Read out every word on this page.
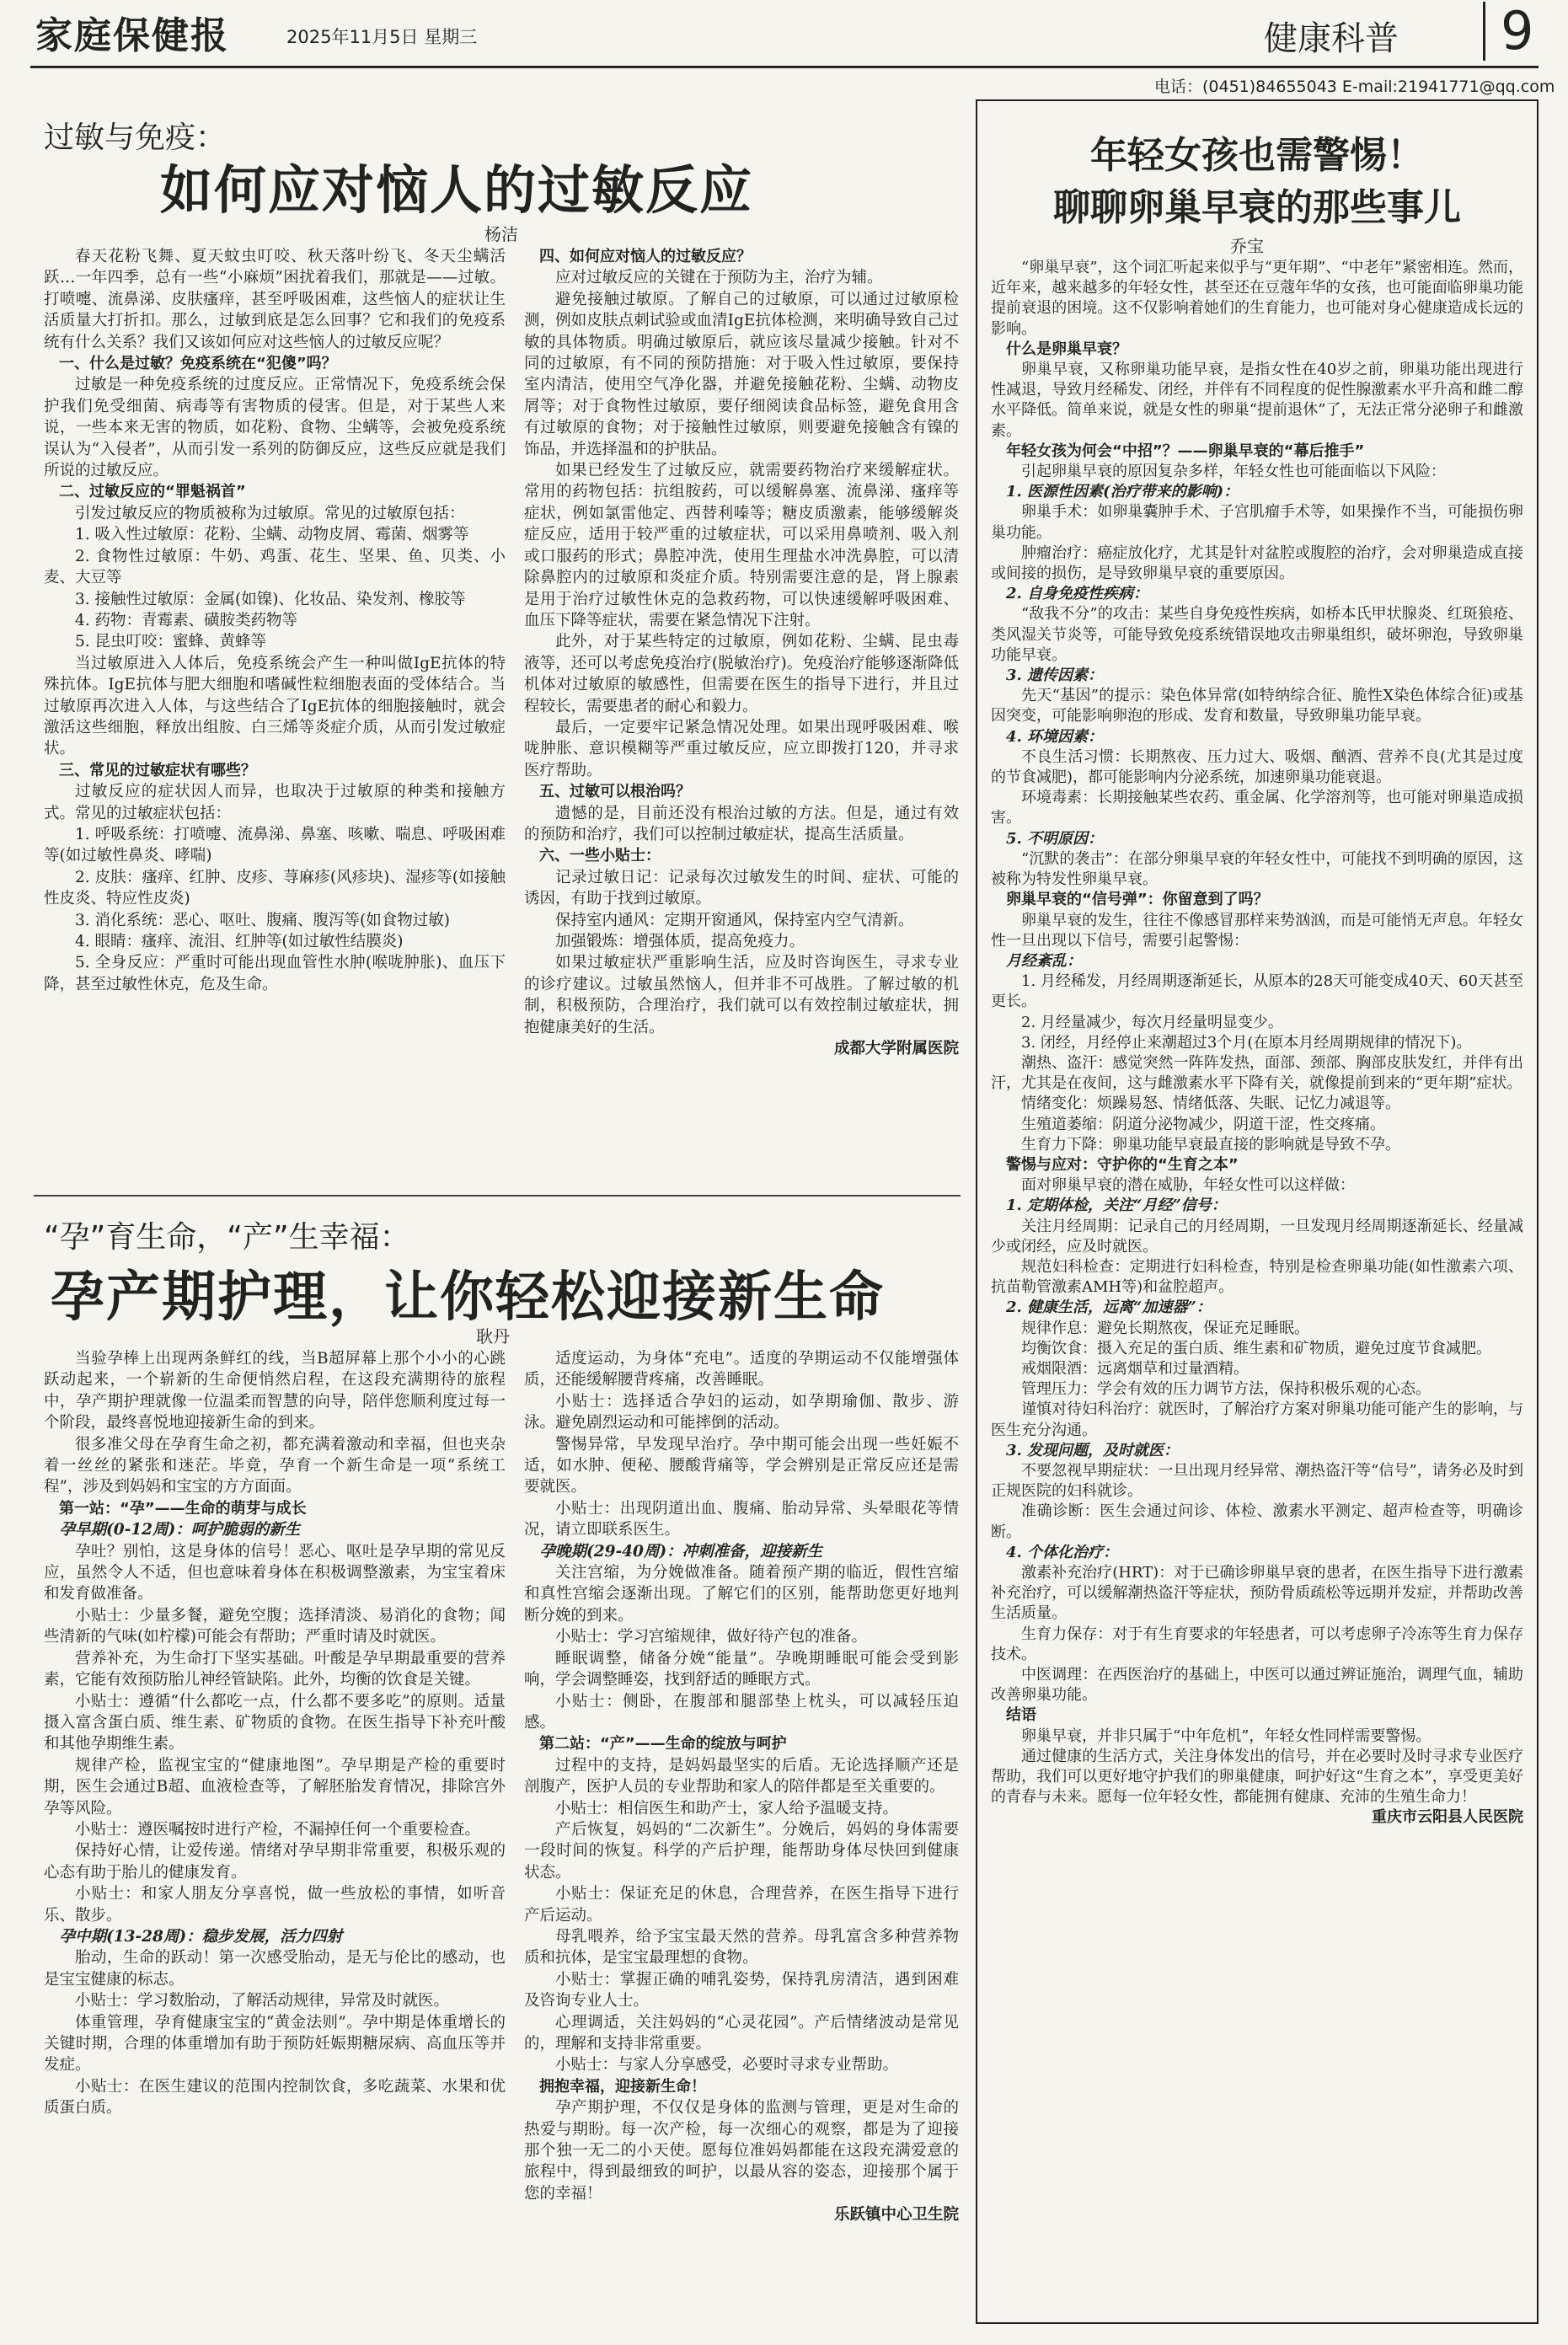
家庭保健报	2025年11月5日 星期三	健康科普	9
电话：(0451)84655043 E-mail:21941771@qq.com
过敏与免疫：
如何应对恼人的过敏反应
杨洁

春天花粉飞舞、夏天蚊虫叮咬、秋天落叶纷飞、冬天尘螨活跃…一年四季，总有一些“小麻烦”困扰着我们，那就是——过敏。打喷嚏、流鼻涕、皮肤瘙痒，甚至呼吸困难，这些恼人的症状让生活质量大打折扣。那么，过敏到底是怎么回事？它和我们的免疫系统有什么关系？我们又该如何应对这些恼人的过敏反应呢？

一、什么是过敏？免疫系统在“犯傻”吗？

过敏是一种免疫系统的过度反应。正常情况下，免疫系统会保护我们免受细菌、病毒等有害物质的侵害。但是，对于某些人来说，一些本来无害的物质，如花粉、食物、尘螨等，会被免疫系统误认为“入侵者”，从而引发一系列的防御反应，这些反应就是我们所说的过敏反应。

二、过敏反应的“罪魁祸首”

引发过敏反应的物质被称为过敏原。常见的过敏原包括：

1. 吸入性过敏原：花粉、尘螨、动物皮屑、霉菌、烟雾等

2. 食物性过敏原：牛奶、鸡蛋、花生、坚果、鱼、贝类、小麦、大豆等

3. 接触性过敏原：金属(如镍)、化妆品、染发剂、橡胶等

4. 药物：青霉素、磺胺类药物等

5. 昆虫叮咬：蜜蜂、黄蜂等

当过敏原进入人体后，免疫系统会产生一种叫做IgE抗体的特殊抗体。IgE抗体与肥大细胞和嗜碱性粒细胞表面的受体结合。当过敏原再次进入人体，与这些结合了IgE抗体的细胞接触时，就会激活这些细胞，释放出组胺、白三烯等炎症介质，从而引发过敏症状。

三、常见的过敏症状有哪些？

过敏反应的症状因人而异，也取决于过敏原的种类和接触方式。常见的过敏症状包括：

1. 呼吸系统：打喷嚏、流鼻涕、鼻塞、咳嗽、喘息、呼吸困难等(如过敏性鼻炎、哮喘)

2. 皮肤：瘙痒、红肿、皮疹、荨麻疹(风疹块)、湿疹等(如接触性皮炎、特应性皮炎)

3. 消化系统：恶心、呕吐、腹痛、腹泻等(如食物过敏)

4. 眼睛：瘙痒、流泪、红肿等(如过敏性结膜炎)

5. 全身反应：严重时可能出现血管性水肿(喉咙肿胀)、血压下降，甚至过敏性休克，危及生命。

四、如何应对恼人的过敏反应？

应对过敏反应的关键在于预防为主，治疗为辅。

避免接触过敏原。了解自己的过敏原，可以通过过敏原检测，例如皮肤点刺试验或血清IgE抗体检测，来明确导致自己过敏的具体物质。明确过敏原后，就应该尽量减少接触。针对不同的过敏原，有不同的预防措施：对于吸入性过敏原，要保持室内清洁，使用空气净化器，并避免接触花粉、尘螨、动物皮屑等；对于食物性过敏原，要仔细阅读食品标签，避免食用含有过敏原的食物；对于接触性过敏原，则要避免接触含有镍的饰品，并选择温和的护肤品。

如果已经发生了过敏反应，就需要药物治疗来缓解症状。常用的药物包括：抗组胺药，可以缓解鼻塞、流鼻涕、瘙痒等症状，例如氯雷他定、西替利嗪等；糖皮质激素，能够缓解炎症反应，适用于较严重的过敏症状，可以采用鼻喷剂、吸入剂或口服药的形式；鼻腔冲洗，使用生理盐水冲洗鼻腔，可以清除鼻腔内的过敏原和炎症介质。特别需要注意的是，肾上腺素是用于治疗过敏性休克的急救药物，可以快速缓解呼吸困难、血压下降等症状，需要在紧急情况下注射。

此外，对于某些特定的过敏原，例如花粉、尘螨、昆虫毒液等，还可以考虑免疫治疗(脱敏治疗)。免疫治疗能够逐渐降低机体对过敏原的敏感性，但需要在医生的指导下进行，并且过程较长，需要患者的耐心和毅力。

最后，一定要牢记紧急情况处理。如果出现呼吸困难、喉咙肿胀、意识模糊等严重过敏反应，应立即拨打120，并寻求医疗帮助。

五、过敏可以根治吗？

遗憾的是，目前还没有根治过敏的方法。但是，通过有效的预防和治疗，我们可以控制过敏症状，提高生活质量。

六、一些小贴士：

记录过敏日记：记录每次过敏发生的时间、症状、可能的诱因，有助于找到过敏原。

保持室内通风：定期开窗通风，保持室内空气清新。

加强锻炼：增强体质，提高免疫力。

如果过敏症状严重影响生活，应及时咨询医生，寻求专业的诊疗建议。过敏虽然恼人，但并非不可战胜。了解过敏的机制，积极预防，合理治疗，我们就可以有效控制过敏症状，拥抱健康美好的生活。

成都大学附属医院

“孕”育生命，“产”生幸福：
孕产期护理，让你轻松迎接新生命
耿丹

当验孕棒上出现两条鲜红的线，当B超屏幕上那个小小的心跳跃动起来，一个崭新的生命便悄然启程，在这段充满期待的旅程中，孕产期护理就像一位温柔而智慧的向导，陪伴您顺利度过每一个阶段，最终喜悦地迎接新生命的到来。

很多准父母在孕育生命之初，都充满着激动和幸福，但也夹杂着一丝丝的紧张和迷茫。毕竟，孕育一个新生命是一项“系统工程”，涉及到妈妈和宝宝的方方面面。

第一站：“孕”——生命的萌芽与成长

孕早期(0-12周)：呵护脆弱的新生

孕吐？别怕，这是身体的信号！恶心、呕吐是孕早期的常见反应，虽然令人不适，但也意味着身体在积极调整激素，为宝宝着床和发育做准备。

小贴士：少量多餐，避免空腹；选择清淡、易消化的食物；闻些清新的气味(如柠檬)可能会有帮助；严重时请及时就医。

营养补充，为生命打下坚实基础。叶酸是孕早期最重要的营养素，它能有效预防胎儿神经管缺陷。此外，均衡的饮食是关键。

小贴士：遵循“什么都吃一点，什么都不要多吃”的原则。适量摄入富含蛋白质、维生素、矿物质的食物。在医生指导下补充叶酸和其他孕期维生素。

规律产检，监视宝宝的“健康地图”。孕早期是产检的重要时期，医生会通过B超、血液检查等，了解胚胎发育情况，排除宫外孕等风险。

小贴士：遵医嘱按时进行产检，不漏掉任何一个重要检查。

保持好心情，让爱传递。情绪对孕早期非常重要，积极乐观的心态有助于胎儿的健康发育。

小贴士：和家人朋友分享喜悦，做一些放松的事情，如听音乐、散步。

孕中期(13-28周)：稳步发展，活力四射

胎动，生命的跃动！第一次感受胎动，是无与伦比的感动，也是宝宝健康的标志。

小贴士：学习数胎动，了解活动规律，异常及时就医。

体重管理，孕育健康宝宝的“黄金法则”。孕中期是体重增长的关键时期，合理的体重增加有助于预防妊娠期糖尿病、高血压等并发症。

小贴士：在医生建议的范围内控制饮食，多吃蔬菜、水果和优质蛋白质。

适度运动，为身体“充电”。适度的孕期运动不仅能增强体质，还能缓解腰背疼痛，改善睡眠。

小贴士：选择适合孕妇的运动，如孕期瑜伽、散步、游泳。避免剧烈运动和可能摔倒的活动。

警惕异常，早发现早治疗。孕中期可能会出现一些妊娠不适，如水肿、便秘、腰酸背痛等，学会辨别是正常反应还是需要就医。

小贴士：出现阴道出血、腹痛、胎动异常、头晕眼花等情况，请立即联系医生。

孕晚期(29-40周)：冲刺准备，迎接新生

关注宫缩，为分娩做准备。随着预产期的临近，假性宫缩和真性宫缩会逐渐出现。了解它们的区别，能帮助您更好地判断分娩的到来。

小贴士：学习宫缩规律，做好待产包的准备。

睡眠调整，储备分娩“能量”。孕晚期睡眠可能会受到影响，学会调整睡姿，找到舒适的睡眠方式。

小贴士：侧卧，在腹部和腿部垫上枕头，可以减轻压迫感。

第二站：“产”——生命的绽放与呵护

过程中的支持，是妈妈最坚实的后盾。无论选择顺产还是剖腹产，医护人员的专业帮助和家人的陪伴都是至关重要的。

小贴士：相信医生和助产士，家人给予温暖支持。

产后恢复，妈妈的“二次新生”。分娩后，妈妈的身体需要一段时间的恢复。科学的产后护理，能帮助身体尽快回到健康状态。

小贴士：保证充足的休息，合理营养，在医生指导下进行产后运动。

母乳喂养，给予宝宝最天然的营养。母乳富含多种营养物质和抗体，是宝宝最理想的食物。

小贴士：掌握正确的哺乳姿势，保持乳房清洁，遇到困难及咨询专业人士。

心理调适，关注妈妈的“心灵花园”。产后情绪波动是常见的，理解和支持非常重要。

小贴士：与家人分享感受，必要时寻求专业帮助。

拥抱幸福，迎接新生命！

孕产期护理，不仅仅是身体的监测与管理，更是对生命的热爱与期盼。每一次产检，每一次细心的观察，都是为了迎接那个独一无二的小天使。愿每位准妈妈都能在这段充满爱意的旅程中，得到最细致的呵护，以最从容的姿态，迎接那个属于您的幸福！

乐跃镇中心卫生院

年轻女孩也需警惕！
聊聊卵巢早衰的那些事儿
乔宝

“卵巢早衰”，这个词汇听起来似乎与“更年期”、“中老年”紧密相连。然而，近年来，越来越多的年轻女性，甚至还在豆蔻年华的女孩，也可能面临卵巢功能提前衰退的困境。这不仅影响着她们的生育能力，也可能对身心健康造成长远的影响。

什么是卵巢早衰？

卵巢早衰，又称卵巢功能早衰，是指女性在40岁之前，卵巢功能出现进行性减退，导致月经稀发、闭经，并伴有不同程度的促性腺激素水平升高和雌二醇水平降低。简单来说，就是女性的卵巢“提前退休”了，无法正常分泌卵子和雌激素。

年轻女孩为何会“中招”？——卵巢早衰的“幕后推手”

引起卵巢早衰的原因复杂多样，年轻女性也可能面临以下风险：

1. 医源性因素(治疗带来的影响)：

卵巢手术：如卵巢囊肿手术、子宫肌瘤手术等，如果操作不当，可能损伤卵巢功能。

肿瘤治疗：癌症放化疗，尤其是针对盆腔或腹腔的治疗，会对卵巢造成直接或间接的损伤，是导致卵巢早衰的重要原因。

2. 自身免疫性疾病：

“敌我不分”的攻击：某些自身免疫性疾病，如桥本氏甲状腺炎、红斑狼疮、类风湿关节炎等，可能导致免疫系统错误地攻击卵巢组织，破坏卵泡，导致卵巢功能早衰。

3. 遗传因素：

先天“基因”的提示：染色体异常(如特纳综合征、脆性X染色体综合征)或基因突变，可能影响卵泡的形成、发育和数量，导致卵巢功能早衰。

4. 环境因素：

不良生活习惯：长期熬夜、压力过大、吸烟、酗酒、营养不良(尤其是过度的节食减肥)，都可能影响内分泌系统，加速卵巢功能衰退。

环境毒素：长期接触某些农药、重金属、化学溶剂等，也可能对卵巢造成损害。

5. 不明原因：

“沉默的袭击”：在部分卵巢早衰的年轻女性中，可能找不到明确的原因，这被称为特发性卵巢早衰。

卵巢早衰的“信号弹”：你留意到了吗？

卵巢早衰的发生，往往不像感冒那样来势汹汹，而是可能悄无声息。年轻女性一旦出现以下信号，需要引起警惕：

月经紊乱：

1. 月经稀发，月经周期逐渐延长，从原本的28天可能变成40天、60天甚至更长。

2. 月经量减少，每次月经量明显变少。

3. 闭经，月经停止来潮超过3个月(在原本月经周期规律的情况下)。

潮热、盗汗：感觉突然一阵阵发热，面部、颈部、胸部皮肤发红，并伴有出汗，尤其是在夜间，这与雌激素水平下降有关，就像提前到来的“更年期”症状。

情绪变化：烦躁易怒、情绪低落、失眠、记忆力减退等。

生殖道萎缩：阴道分泌物减少，阴道干涩，性交疼痛。

生育力下降：卵巢功能早衰最直接的影响就是导致不孕。

警惕与应对：守护你的“生育之本”

面对卵巢早衰的潜在威胁，年轻女性可以这样做：

1. 定期体检，关注“月经”信号：

关注月经周期：记录自己的月经周期，一旦发现月经周期逐渐延长、经量减少或闭经，应及时就医。

规范妇科检查：定期进行妇科检查，特别是检查卵巢功能(如性激素六项、抗苗勒管激素AMH等)和盆腔超声。

2. 健康生活，远离“加速器”：

规律作息：避免长期熬夜，保证充足睡眠。

均衡饮食：摄入充足的蛋白质、维生素和矿物质，避免过度节食减肥。

戒烟限酒：远离烟草和过量酒精。

管理压力：学会有效的压力调节方法，保持积极乐观的心态。

谨慎对待妇科治疗：就医时，了解治疗方案对卵巢功能可能产生的影响，与医生充分沟通。

3. 发现问题，及时就医：

不要忽视早期症状：一旦出现月经异常、潮热盗汗等“信号”，请务必及时到正规医院的妇科就诊。

准确诊断：医生会通过问诊、体检、激素水平测定、超声检查等，明确诊断。

4. 个体化治疗：

激素补充治疗(HRT)：对于已确诊卵巢早衰的患者，在医生指导下进行激素补充治疗，可以缓解潮热盗汗等症状，预防骨质疏松等远期并发症，并帮助改善生活质量。

生育力保存：对于有生育要求的年轻患者，可以考虑卵子冷冻等生育力保存技术。

中医调理：在西医治疗的基础上，中医可以通过辨证施治，调理气血，辅助改善卵巢功能。

结语

卵巢早衰，并非只属于“中年危机”，年轻女性同样需要警惕。

通过健康的生活方式，关注身体发出的信号，并在必要时及时寻求专业医疗帮助，我们可以更好地守护我们的卵巢健康，呵护好这“生育之本”，享受更美好的青春与未来。愿每一位年轻女性，都能拥有健康、充沛的生殖生命力！

重庆市云阳县人民医院
